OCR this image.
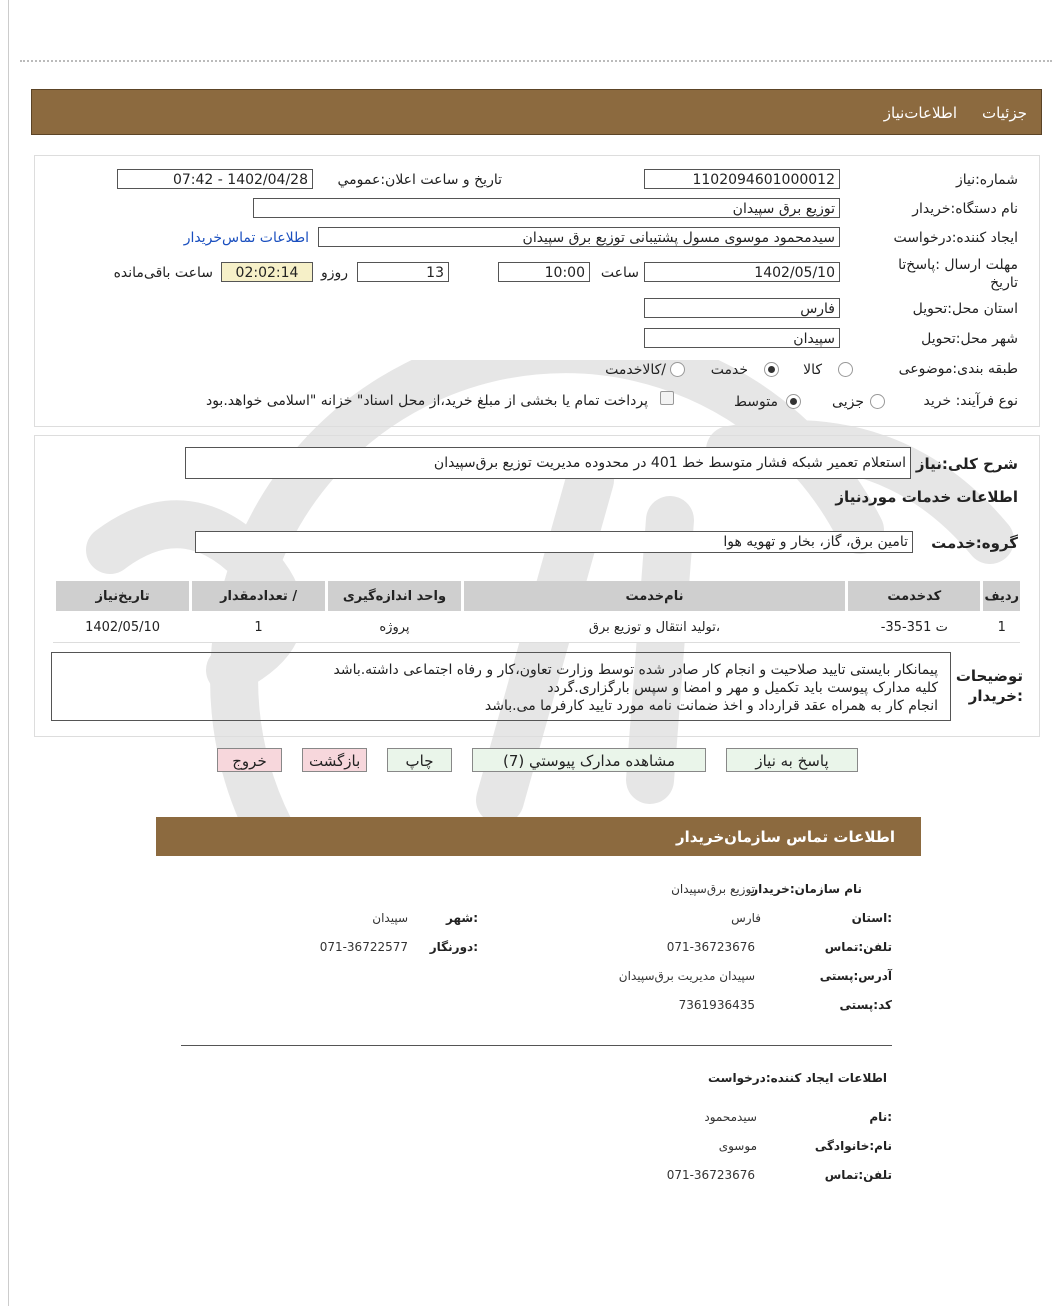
جزئیات
اطلاعات‌نیاز
شماره:نیاز
1102094601000012
تاریخ و ساعت اعلان:عمومي
1402/04/28 - 07:42
نام دستگاه:خریدار
توزیع برق سپیدان
ایجاد کننده:درخواست
سیدمحمود موسوی مسول پشتیبانی توزیع برق سپیدان
اطلاعات تماس‌خریدار
مهلت ارسال :پاسخ‌تا تاریخ
1402/05/10
ساعت
10:00
13
روزو
02:02:14
ساعت باقی‌مانده
استان محل:تحویل
فارس
شهر محل:تحویل
سپیدان
طبقه بندی:موضوعی
کالا
خدمت
/کالاخدمت
نوع فرآیند: خرید
جزیی
متوسط
پرداخت تمام یا بخشی از مبلغ خرید،از محل اسناد" خزانه "اسلامی خواهد.بود
شرح کلی:نیاز
استعلام تعمیر شبکه فشار متوسط خط 401 در محدوده مدیریت توزیع برق‌سپیدان
اطلاعات خدمات موردنیاز
گروه:خدمت
تامین برق، گاز، بخار و تهویه هوا
ردیف	کدخدمت	نام‌خدمت	واحد اندازه‌گیری	/ تعدادمقدار	تاریخ‌نیاز
1	ت 351-35-	،تولید انتقال و توزیع برق	پروژه	1	1402/05/10
توضیحات
:خریدار
پیمانکار بایستی تایید صلاحیت و انجام کار صادر شده توسط وزارت تعاون،کار و رفاه اجتماعی داشته.باشد
کلیه مدارک پیوست باید تکمیل و مهر و امضا و سپس بارگزاری.گردد
انجام کار به همراه عقد قرارداد و اخذ ضمانت نامه مورد تایید کارفرما می.باشد
پاسخ به نیاز
مشاهده مدارک پیوستي (7)
چاپ
بازگشت
خروج
اطلاعات تماس سازمان‌خریدار
نام سازمان:خریدار
توزیع برق‌سپیدان
:استان
فارس
:شهر
سپیدان
تلفن:تماس
071-36723676
:دورنگار
071-36722577
آدرس:پستی
سپیدان مدیریت برق‌سپیدان
کد:پستی
7361936435
اطلاعات ایجاد کننده:درخواست
:نام
سیدمحمود
نام:خانوادگی
موسوی
تلفن:تماس
071-36723676
